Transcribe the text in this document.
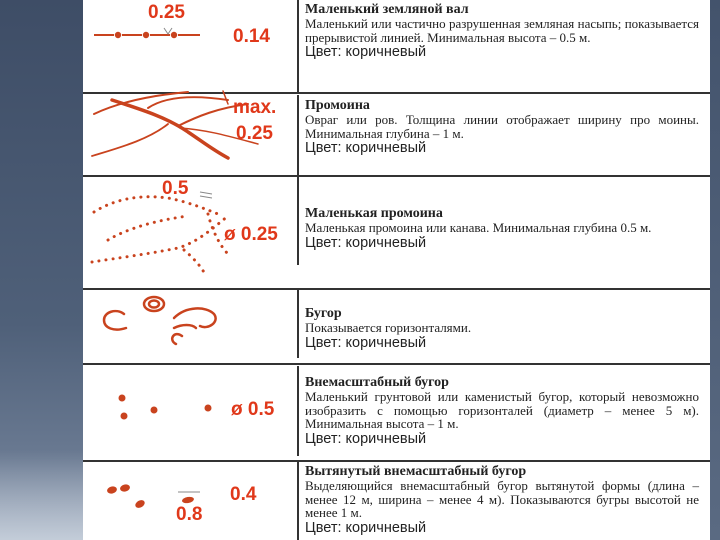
0.25
0.14

Маленький земляной вал

Маленький или частично разрушенная земляная насыпь; показывается прерывистой линией. Минимальная высота – 0.5 м.

Цвет: коричневый

max.
0.25

Промоина

Овраг или ров. Толщина линии отображает ширину про моины. Минимальная глубина – 1 м.

Цвет: коричневый

0.5
ø 0.25

Маленькая промоина

Маленькая промоина или канава. Минимальная глубина 0.5 м.

Цвет: коричневый

Бугор

Показывается горизонталями.

Цвет: коричневый

ø 0.5

Внемасштабный бугор

Маленький грунтовой или каменистый бугор, который невозможно изобразить с помощью горизонталей (диаметр – менее 5 м). Минимальная высота – 1 м.

Цвет: коричневый

0.4
0.8

Вытянутый внемасштабный бугор

Выделяющийся внемасштабный бугор вытянутой формы (длина – менее 12 м, ширина – менее 4 м). Показываются бугры высотой не менее 1 м.

Цвет: коричневый
